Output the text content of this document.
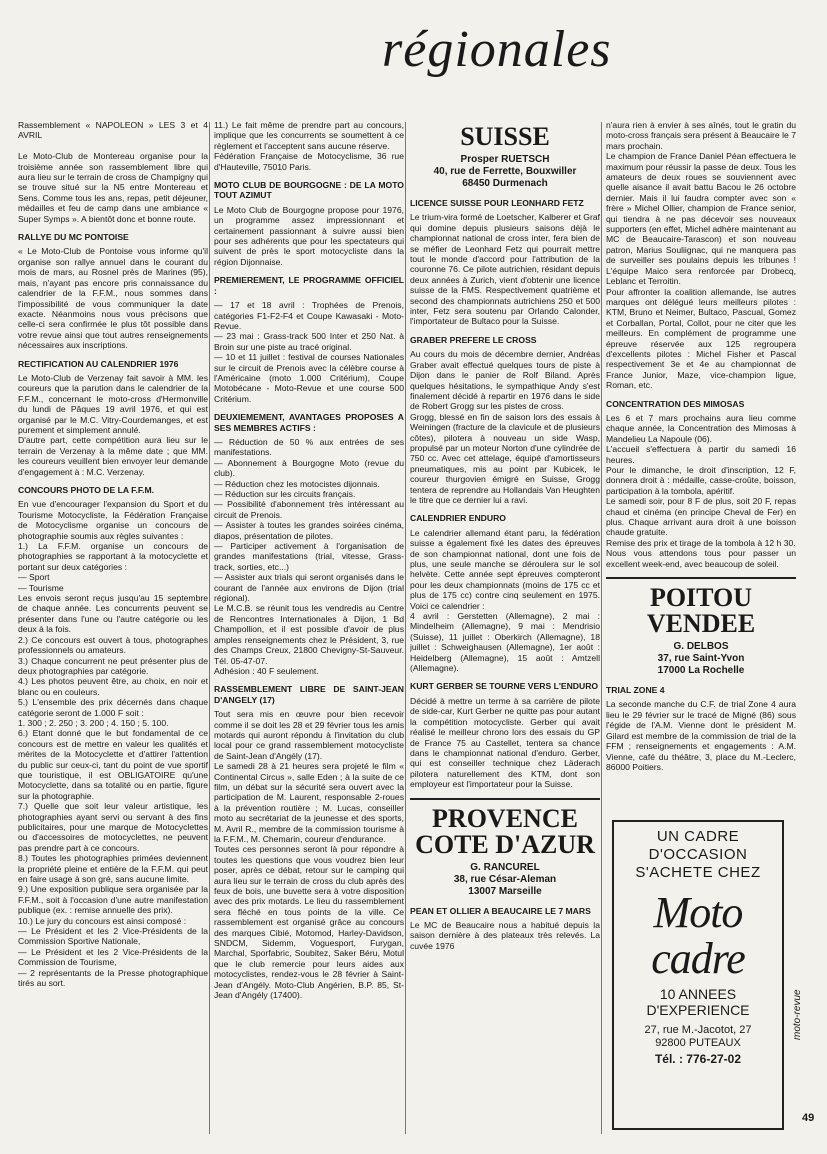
régionales

Rassemblement « NAPOLEON » LES 3 et 4 AVRIL

Le Moto-Club de Montereau organise pour la troisième année son rassemblement libre qui aura lieu sur le terrain de cross de Champigny qui se trouve situé sur la N5 entre Montereau et Sens. Comme tous les ans, repas, petit déjeuner, médailles et feu de camp dans une ambiance « Super Symps ». A bientôt donc et bonne route.

RALLYE DU MC PONTOISE

« Le Moto-Club de Pontoise vous informe qu'il organise son rallye annuel dans le courant du mois de mars, au Rosnel près de Marines (95), mais, n'ayant pas encore pris connaissance du calendrier de la F.F.M., nous sommes dans l'impossibilité de vous communiquer la date exacte. Néanmoins nous vous précisons que celle-ci sera confirmée le plus tôt possible dans votre revue ainsi que tout autres renseignements nécessaires aux inscriptions.

RECTIFICATION AU CALENDRIER 1976

Le Moto-Club de Verzenay fait savoir à MM. les coureurs que la parution dans le calendrier de la F.F.M., concernant le moto-cross d'Hermonville du lundi de Pâques 19 avril 1976, et qui est organisé par le M.C. Vitry-Courdemanges, et est purement et simplement annulé.
D'autre part, cette compétition aura lieu sur le terrain de Verzenay à la même date ; que MM. les coureurs veuillent bien envoyer leur demande d'engagement à : M.C. Verzenay.

CONCOURS PHOTO DE LA F.F.M.

En vue d'encourager l'expansion du Sport et du Tourisme Motocycliste, la Fédération Française de Motocyclisme organise un concours de photographie soumis aux règles suivantes :
1.) La F.F.M. organise un concours de photographies se rapportant à la motocyclette et portant sur deux catégories :
— Sport
— Tourisme
Les envois seront reçus jusqu'au 15 septembre de chaque année. Les concurrents peuvent se présenter dans l'une ou l'autre catégorie ou les deux à la fois.
2.) Ce concours est ouvert à tous, photographes professionnels ou amateurs.
3.) Chaque concurrent ne peut présenter plus de deux photographies par catégorie.
4.) Les photos peuvent être, au choix, en noir et blanc ou en couleurs.
5.) L'ensemble des prix décernés dans chaque catégorie seront de 1.000 F soit :
1. 300 ; 2. 250 ; 3. 200 ; 4. 150 ; 5. 100.
6.) Etant donné que le but fondamental de ce concours est de mettre en valeur les qualités et mérites de la Motocyclette et d'attirer l'attention du public sur ceux-ci, tant du point de vue sportif que touristique, il est OBLIGATOIRE qu'une Motocyclette, dans sa totalité ou en partie, figure sur la photographie.
7.) Quelle que soit leur valeur artistique, les photographies ayant servi ou servant à des fins publicitaires, pour une marque de Motocyclettes ou d'accessoires de motocyclettes, ne peuvent pas prendre part à ce concours.
8.) Toutes les photographies primées deviennent la propriété pleine et entière de la F.F.M. qui peut en faire usage à son gré, sans aucune limite.
9.) Une exposition publique sera organisée par la F.F.M., soit à l'occasion d'une autre manifestation publique (ex. : remise annuelle des prix).
10.) Le jury du concours est ainsi composé :
— Le Président et les 2 Vice-Présidents de la Commission Sportive Nationale,
— Le Président et les 2 Vice-Présidents de la Commission de Tourisme,
— 2 représentants de la Presse photographique tirés au sort.

11.) Le fait même de prendre part au concours, implique que les concurrents se soumettent à ce règlement et l'acceptent sans aucune réserve.
Fédération Française de Motocyclisme, 36 rue d'Hauteville, 75010 Paris.

MOTO CLUB DE BOURGOGNE : DE LA MOTO TOUT AZIMUT

Le Moto Club de Bourgogne propose pour 1976, un programme assez impressionnant et certainement passionnant à suivre aussi bien pour ses adhérents que pour les spectateurs qui suivent de près le sport motocycliste dans la région Dijonnaise.

PREMIEREMENT, LE PROGRAMME OFFICIEL :

— 17 et 18 avril : Trophées de Prenois, catégories F1-F2-F4 et Coupe Kawasaki - Moto-Revue.
— 23 mai : Grass-track 500 Inter et 250 Nat. à Broin sur une piste au tracé original.
— 10 et 11 juillet : festival de courses Nationales sur le circuit de Prenois avec la célèbre course à l'Américaine (moto 1.000 Critérium), Coupe Motobécane - Moto-Revue et une course 500 Critérium.

DEUXIEMEMENT, AVANTAGES PROPOSES A SES MEMBRES ACTIFS :

— Réduction de 50 % aux entrées de ses manifestations.
— Abonnement à Bourgogne Moto (revue du club).
— Réduction chez les motocistes dijonnais.
— Réduction sur les circuits français.
— Possibilité d'abonnement très intéressant au circuit de Prenois.
— Assister à toutes les grandes soirées cinéma, diapos, présentation de pilotes.
— Participer activement à l'organisation de grandes manifestations (trial, vitesse, Grass-track, sorties, etc...)
— Assister aux trials qui seront organisés dans le courant de l'année aux environs de Dijon (trial régional).
Le M.C.B. se réunit tous les vendredis au Centre de Rencontres Internationales à Dijon, 1 Bd Champollion, et il est possible d'avoir de plus amples renseignements chez le Président, 3, rue des Champs Creux, 21800 Chevigny-St-Sauveur. Tél. 05-47-07.
Adhésion : 40 F seulement.

RASSEMBLEMENT LIBRE DE SAINT-JEAN D'ANGELY (17)

Tout sera mis en œuvre pour bien recevoir comme il se doit les 28 et 29 février tous les amis motards qui auront répondu à l'invitation du club local pour ce grand rassemblement motocycliste de Saint-Jean d'Angély (17).
Le samedi 28 à 21 heures sera projeté le film « Continental Circus », salle Eden ; à la suite de ce film, un débat sur la sécurité sera ouvert avec la participation de M. Laurent, responsable 2-roues à la prévention routière ; M. Lucas, conseiller moto au secrétariat de la jeunesse et des sports, M. Avril R., membre de la commission tourisme à la F.F.M., M. Chemarin, coureur d'endurance.
Toutes ces personnes seront là pour répondre à toutes les questions que vous voudrez bien leur poser, après ce débat, retour sur le camping qui aura lieu sur le terrain de cross du club après des feux de bois, une buvette sera à votre disposition avec des prix motards. Le lieu du rassemblement sera fléché en tous points de la ville. Ce rassemblement est organisé grâce au concours des marques Cibié, Motomod, Harley-Davidson, SNDCM, Sidemm, Voguesport, Furygan, Marchal, Sporfabric, Soubitez, Saker Béru, Motul que le club remercie pour leurs aides aux motocyclistes, rendez-vous le 28 février à Saint-Jean d'Angély. Moto-Club Angérien, B.P. 85, St-Jean d'Angély (17400).

SUISSE
Prosper RUETSCH
40, rue de Ferrette, Bouxwiller
68450 Durmenach
LICENCE SUISSE POUR LEONHARD FETZ

Le trium-vira formé de Loetscher, Kalberer et Graf qui domine depuis plusieurs saisons déjà le championnat national de cross inter, fera bien de se méfier de Leonhard Fetz qui pourrait mettre tout le monde d'accord pour l'attribution de la couronne 76. Ce pilote autrichien, résidant depuis deux années à Zurich, vient d'obtenir une licence suisse de la FMS. Respectivement quatrième et second des championnats autrichiens 250 et 500 inter, Fetz sera soutenu par Orlando Calonder, l'importateur de Bultaco pour la Suisse.

GRABER PREFERE LE CROSS

Au cours du mois de décembre dernier, Andréas Graber avait effectué quelques tours de piste à Dijon dans le panier de Rolf Biland. Après quelques hésitations, le sympathique Andy s'est finalement décidé à repartir en 1976 dans le side de Robert Grogg sur les pistes de cross.
Grogg, blessé en fin de saison lors des essais à Weiningen (fracture de la clavicule et de plusieurs côtes), pilotera à nouveau un side Wasp, propulsé par un moteur Norton d'une cylindrée de 750 cc. Avec cet attelage, équipé d'amortisseurs pneumatiques, mis au point par Kubicek, le coureur thurgovien émigré en Suisse, Grogg tentera de reprendre au Hollandais Van Heughten le titre que ce dernier lui a ravi.

CALENDRIER ENDURO

Le calendrier allemand étant paru, la fédération suisse a également fixé les dates des épreuves de son championnat national, dont une fois de plus, une seule manche se déroulera sur le sol helvète. Cette année sept épreuves compteront pour les deux championnats (moins de 175 cc et plus de 175 cc) contre cinq seulement en 1975. Voici ce calendrier :
4 avril : Gerstetten (Allemagne), 2 mai : Mindelheim (Allemagne), 9 mai : Mendrisio (Suisse), 11 juillet : Oberkirch (Allemagne), 18 juillet : Schweighausen (Allemagne), 1er août : Heidelberg (Allemagne), 15 août : Amtzell (Allemagne).

KURT GERBER SE TOURNE VERS L'ENDURO

Décidé à mettre un terme à sa carrière de pilote de side-car, Kurt Gerber ne quitte pas pour autant la compétition motocycliste. Gerber qui avait réalisé le meilleur chrono lors des essais du GP de France 75 au Castellet, tentera sa chance dans le championnat national d'enduro. Gerber, qui est conseiller technique chez Läderach pilotera naturellement des KTM, dont son employeur est l'importateur pour la Suisse.

PROVENCE
COTE D'AZUR
G. RANCUREL
38, rue César-Aleman
13007 Marseille
PEAN ET OLLIER A BEAUCAIRE LE 7 MARS

Le MC de Beaucaire nous a habitué depuis la saison dernière à des plateaux très relevés. La cuvée 1976

n'aura rien à envier à ses aînés, tout le gratin du moto-cross français sera présent à Beaucaire le 7 mars prochain.
Le champion de France Daniel Péan effectuera le maximum pour réussir la passe de deux. Tous les amateurs de deux roues se souviennent avec quelle aisance il avait battu Bacou le 26 octobre dernier. Mais il lui faudra compter avec son « frère » Michel Ollier, champion de France senior, qui tiendra à ne pas décevoir ses nouveaux supporters (en effet, Michel adhère maintenant au MC de Beaucaire-Tarascon) et son nouveau patron, Marius Souliignac, qui ne manquera pas de surveiller ses poulains depuis les tribunes ! L'équipe Maico sera renforcée par Drobecq, Leblanc et Terroitin.
Pour affronter la coalition allemande, lse autres marques ont délégué leurs meilleurs pilotes : KTM, Bruno et Neimer, Bultaco, Pascual, Gomez et Corballan, Portal, Collot, pour ne citer que les meilleurs. En complément de programme une épreuve réservée aux 125 regroupera d'excellents pilotes : Michel Fisher et Pascal respectivement 3e et 4e au championnat de France Junior, Maze, vice-champion ligue, Roman, etc.

CONCENTRATION DES MIMOSAS

Les 6 et 7 mars prochains aura lieu comme chaque année, la Concentration des Mimosas à Mandelieu La Napoule (06).
L'accueil s'effectuera à partir du samedi 16 heures.
Pour le dimanche, le droit d'inscription, 12 F, donnera droit à : médaille, casse-croûte, boisson, participation à la tombola, apéritif.
Le samedi soir, pour 8 F de plus, soit 20 F, repas chaud et cinéma (en principe Cheval de Fer) en plus. Chaque arrivant aura droit à une boisson chaude gratuite.
Remise des prix et tirage de la tombola à 12 h 30.
Nous vous attendons tous pour passer un excellent week-end, avec beaucoup de soleil.

POITOU
VENDEE
G. DELBOS
37, rue Saint-Yvon
17000 La Rochelle
TRIAL ZONE 4

La seconde manche du C.F. de trial Zone 4 aura lieu le 29 février sur le tracé de Migné (86) sous l'égide de l'A.M. Vienne dont le président M. Gilard est membre de la commission de trial de la FFM ; renseignements et engagements : A.M. Vienne, café du théâtre, 3, place du M.-Leclerc, 86000 Poitiers.

UN CADRE
D'OCCASION
S'ACHETE CHEZ
Moto cadre
10 ANNEES
D'EXPERIENCE
27, rue M.-Jacotot, 27
92800 PUTEAUX
Tél. : 776-27-02
moto-revue
49
